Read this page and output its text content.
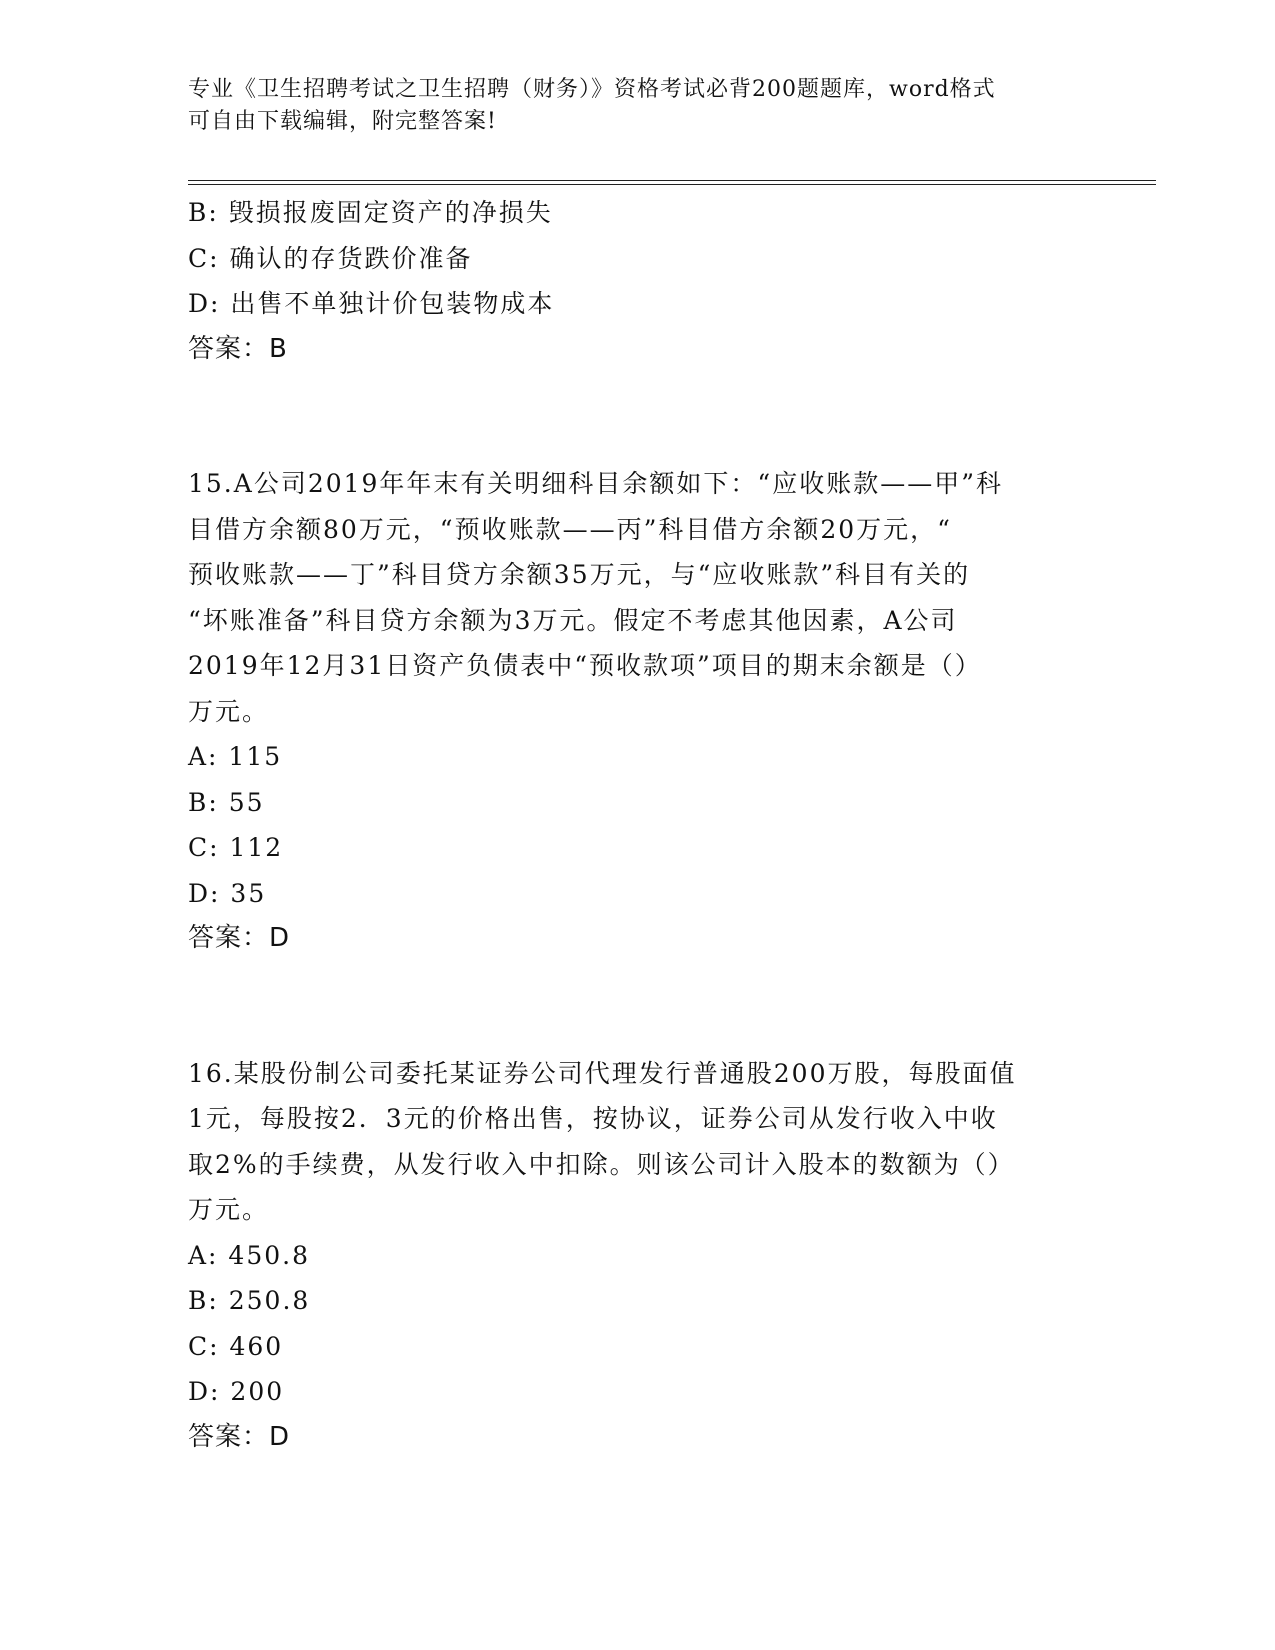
专业《卫生招聘考试之卫生招聘（财务）》资格考试必背200题题库，word格式
可自由下载编辑，附完整答案!
B: 毁损报废固定资产的净损失
C: 确认的存货跌价准备
D: 出售不单独计价包装物成本
答案：B
15.A公司2019年年末有关明细科目余额如下：“应收账款——甲”科
目借方余额80万元，“预收账款——丙”科目借方余额20万元，“
预收账款——丁”科目贷方余额35万元，与“应收账款”科目有关的
“坏账准备”科目贷方余额为3万元。假定不考虑其他因素，A公司
2019年12月31日资产负债表中“预收款项”项目的期末余额是（）
万元。
A: 115
B: 55
C: 112
D: 35
答案：D
16.某股份制公司委托某证券公司代理发行普通股200万股，每股面值
1元，每股按2．3元的价格出售，按协议，证券公司从发行收入中收
取2%的手续费，从发行收入中扣除。则该公司计入股本的数额为（）
万元。
A: 450.8
B: 250.8
C: 460
D: 200
答案：D
